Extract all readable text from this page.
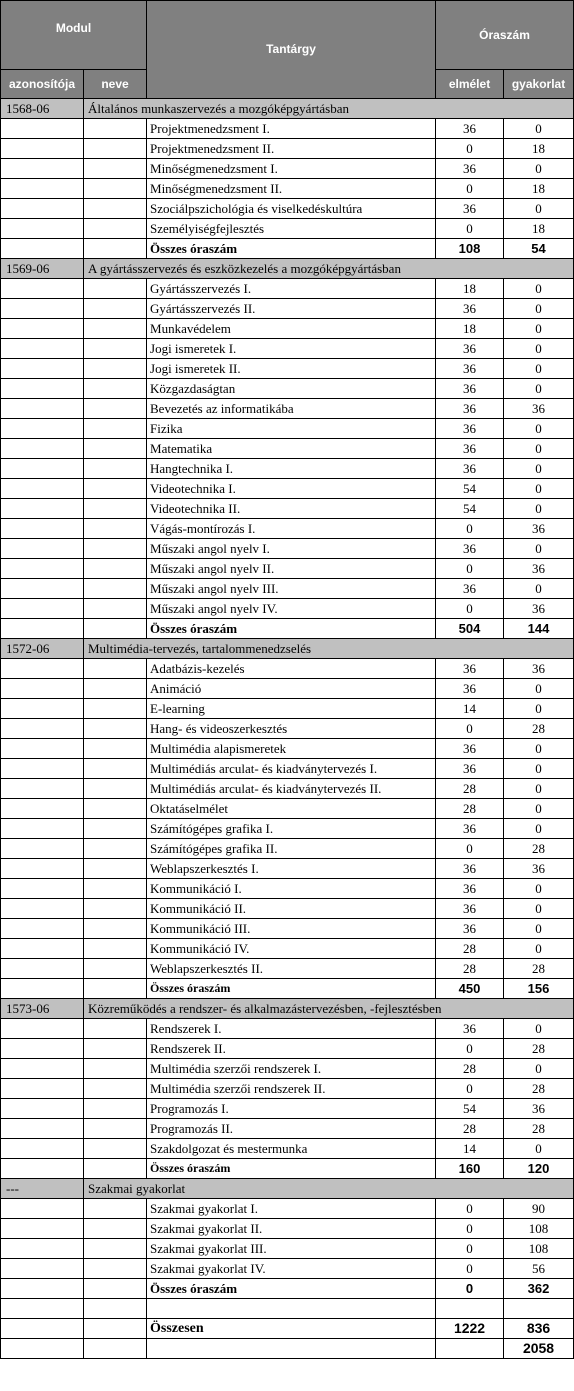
Modul		Tantárgy	Óraszám	
azonosítója	neve		elmélet	gyakorlat
1568-06	Általános munkaszervezés a mozgóképgyártásban			
		Projektmenedzsment I.	36	0
		Projektmenedzsment II.	0	18
		Minőségmenedzsment I.	36	0
		Minőségmenedzsment II.	0	18
		Szociálpszichológia és viselkedéskultúra	36	0
		Személyiségfejlesztés	0	18
		Összes óraszám	108	54
1569-06	A gyártásszervezés és eszközkezelés a mozgóképgyártásban			
		Gyártásszervezés I.	18	0
		Gyártásszervezés II.	36	0
		Munkavédelem	18	0
		Jogi ismeretek I.	36	0
		Jogi ismeretek II.	36	0
		Közgazdaságtan	36	0
		Bevezetés az informatikába	36	36
		Fizika	36	0
		Matematika	36	0
		Hangtechnika I.	36	0
		Videotechnika I.	54	0
		Videotechnika II.	54	0
		Vágás-montírozás I.	0	36
		Műszaki angol nyelv I.	36	0
		Műszaki angol nyelv II.	0	36
		Műszaki angol nyelv III.	36	0
		Műszaki angol nyelv IV.	0	36
		Összes óraszám	504	144
1572-06	Multimédia-tervezés, tartalommenedzselés			
		Adatbázis-kezelés	36	36
		Animáció	36	0
		E-learning	14	0
		Hang- és videoszerkesztés	0	28
		Multimédia alapismeretek	36	0
		Multimédiás arculat- és kiadványtervezés I.	36	0
		Multimédiás arculat- és kiadványtervezés II.	28	0
		Oktatáselmélet	28	0
		Számítógépes grafika I.	36	0
		Számítógépes grafika II.	0	28
		Weblapszerkesztés I.	36	36
		Kommunikáció I.	36	0
		Kommunikáció II.	36	0
		Kommunikáció III.	36	0
		Kommunikáció IV.	28	0
		Weblapszerkesztés II.	28	28
		Összes óraszám	450	156
1573-06	Közreműködés a rendszer- és alkalmazástervezésben, -fejlesztésben			
		Rendszerek I.	36	0
		Rendszerek II.	0	28
		Multimédia szerzői rendszerek I.	28	0
		Multimédia szerzői rendszerek II.	0	28
		Programozás I.	54	36
		Programozás II.	28	28
		Szakdolgozat és mestermunka	14	0
		Összes óraszám	160	120
---	Szakmai gyakorlat			
		Szakmai gyakorlat I.	0	90
		Szakmai gyakorlat II.	0	108
		Szakmai gyakorlat III.	0	108
		Szakmai gyakorlat IV.	0	56
		Összes óraszám	0	362

		Összesen	1222	836
				2058
